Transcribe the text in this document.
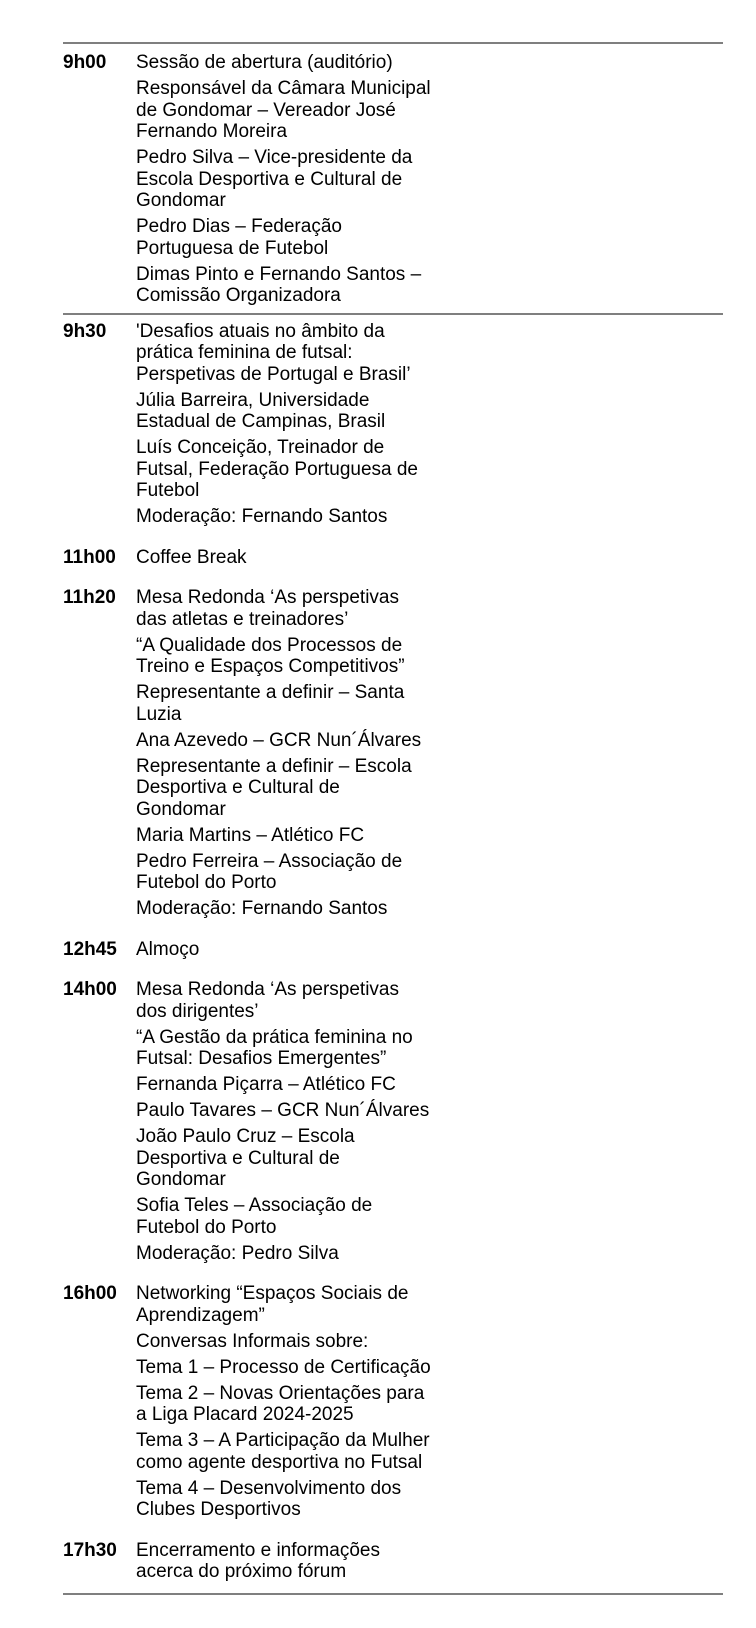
9h00	Sessão de abertura (auditório)
Responsável da Câmara Municipal
de Gondomar – Vereador José
Fernando Moreira
Pedro Silva – Vice-presidente da
Escola Desportiva e Cultural de
Gondomar
Pedro Dias – Federação
Portuguesa de Futebol
Dimas Pinto e Fernando Santos –
Comissão Organizadora
9h30	'Desafios atuais no âmbito da
prática feminina de futsal:
Perspetivas de Portugal e Brasil’
Júlia Barreira, Universidade
Estadual de Campinas, Brasil
Luís Conceição, Treinador de
Futsal, Federação Portuguesa de
Futebol
Moderação: Fernando Santos
11h00	Coffee Break
11h20	Mesa Redonda ‘As perspetivas
das atletas e treinadores’
“A Qualidade dos Processos de
Treino e Espaços Competitivos”
Representante a definir – Santa
Luzia
Ana Azevedo – GCR Nun´Álvares
Representante a definir – Escola
Desportiva e Cultural de
Gondomar
Maria Martins – Atlético FC
Pedro Ferreira – Associação de
Futebol do Porto
Moderação: Fernando Santos
12h45	Almoço
14h00	Mesa Redonda ‘As perspetivas
dos dirigentes’
“A Gestão da prática feminina no
Futsal: Desafios Emergentes”
Fernanda Piçarra – Atlético FC
Paulo Tavares – GCR Nun´Álvares
João Paulo Cruz – Escola
Desportiva e Cultural de
Gondomar
Sofia Teles – Associação de
Futebol do Porto
Moderação: Pedro Silva
16h00	Networking “Espaços Sociais de
Aprendizagem”
Conversas Informais sobre:
Tema 1 – Processo de Certificação
Tema 2 – Novas Orientações para
a Liga Placard 2024-2025
Tema 3 – A Participação da Mulher
como agente desportiva no Futsal
Tema 4 – Desenvolvimento dos
Clubes Desportivos
17h30	Encerramento e informações
acerca do próximo fórum
